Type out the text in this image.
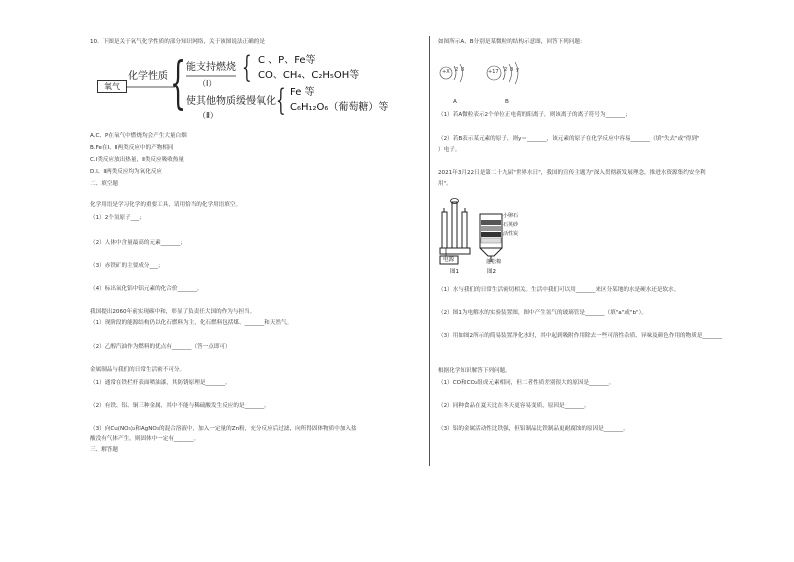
10．下图是关于氧气化学性质的部分知识网络，关于该图说法正确的是
氧气
化学性质 { 能支持燃烧
（Ⅰ） { C 、P、Fe等
CO、CH₄、C₂H₅OH等
使其他物质缓慢氧化
（Ⅱ） { Fe 等
C₆H₁₂O₆（葡萄糖）等
A.C、P在氧气中燃烧均会产生大量白烟
B.Fe在Ⅰ、Ⅱ两类反应中的产物相同
C.Ⅰ类反应放出热量，Ⅱ类反应吸收热量
D.Ⅰ、Ⅱ两类反应均为氧化反应
二、填空题
化学用语是学习化学的重要工具，请用恰当的化学用语填空。
（1）2个氢原子___；
（2）人体中含量最高的元素_______；
（3）赤铁矿的主要成分___；
（4）标出氧化铝中铝元素的化合价_______。
我国提出2060年前实现碳中和，彰显了负责任大国的作为与担当。
（1）现阶段的能源结构仍以化石燃料为主，化石燃料包括煤、_______和天然气。
（2）乙醇汽油作为燃料的优点有_______（答一点即可）
金属制品与我们的日常生活密不可分。
（1）通常在铁栏杆表面喷油漆，其防锈原理是_______。
（2）有铁、铝、铜三种金属，其中不能与稀硫酸发生反应的是_______。
（3）向Cu(NO₃)₂和AgNO₃的混合溶液中，加入一定量的Zn粉，充分反应后过滤，向所得固体物质中加入盐
酸没有气体产生，则固体中一定有_______。
三、解答题
如图所示A、B分别是某微粒的结构示意图，回答下列问题：
+X 2 8
A
+17 2 8 y
B
（1）若A微粒表示2个单位正电荷的阳离子，则该离子的离子符号为_______；
（2）若B表示某元素的原子，则y＝_______，该元素的原子在化学反应中容易_______（填"失去"或"得到"
）电子。
2021年3月22日是第二十九届"世界水日"，我国的宣传主题为"深入贯彻新发展理念，推进水资源集约安全利
用"。
电源
图1
小卵石
石英砂
活性炭
蓬松棉
图2
（1）水与我们的日常生活密切相关。生活中我们可以用_______来区分某地的水是硬水还是软水。
（2）图1为电解水的实验装置图，图中产生氢气的玻璃管是_______（填"a"或"b"）。
（3）用如图2所示的简易装置净化水时，其中起到吸附作用除去一些可溶性杂质、异味及颜色作用的物质是_______
根据化学知识解答下列问题。
（1）CO和CO₂组成元素相同，但二者性质差别很大的原因是_______。
（2）同种食品在夏天比在冬天更容易变质，原因是_______。
（3）铝的金属活动性比铁强，但铝制品比铁制品更耐腐蚀的原因是_______。
